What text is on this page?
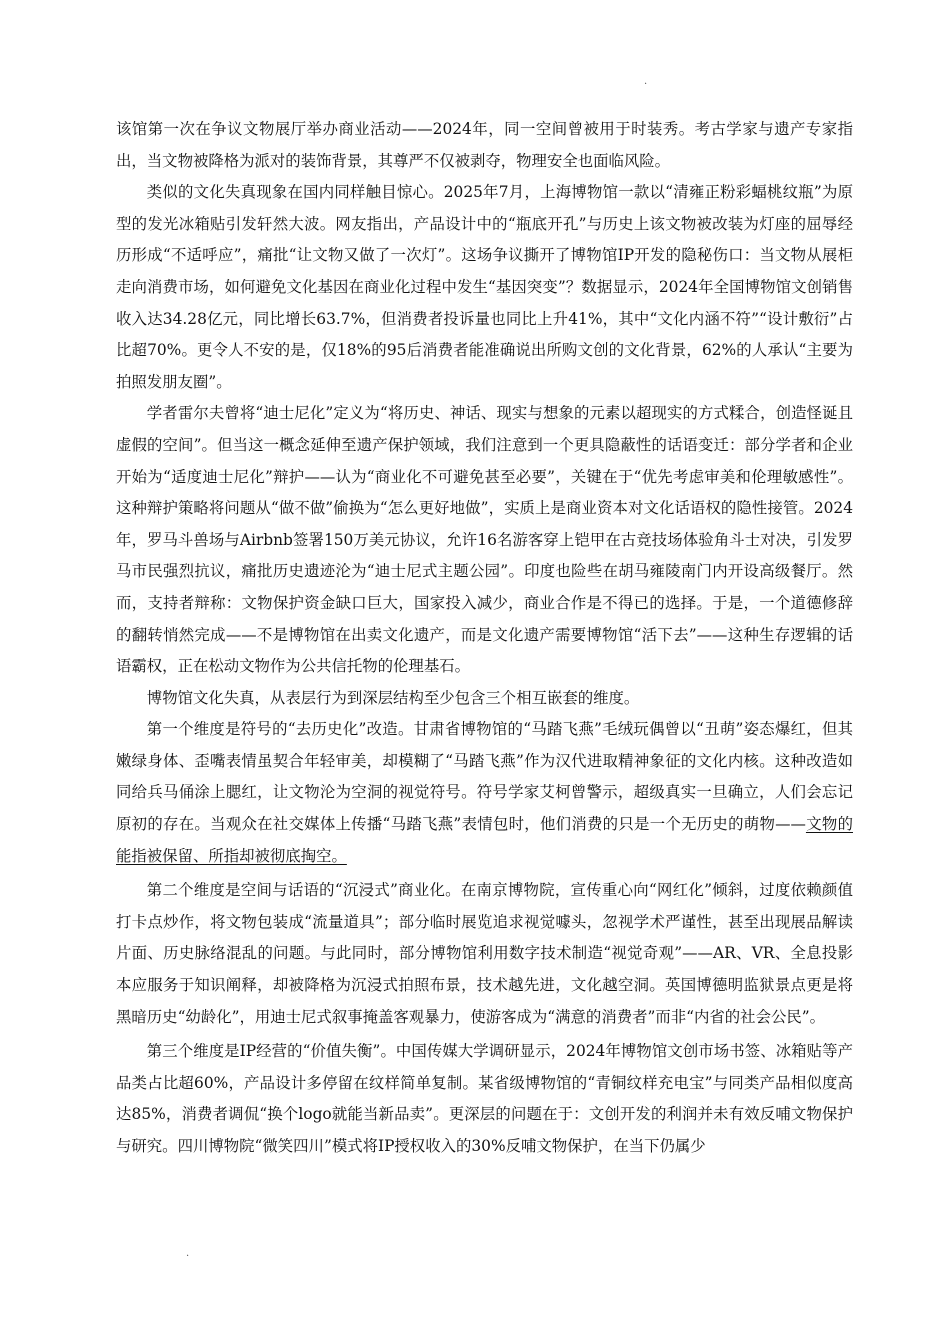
.

该馆第一次在争议文物展厅举办商业活动——2024年，同一空间曾被用于时装秀。考古学家与遗产专家指出，当文物被降格为派对的装饰背景，其尊严不仅被剥夺，物理安全也面临风险。

类似的文化失真现象在国内同样触目惊心。2025年7月，上海博物馆一款以“清雍正粉彩蝠桃纹瓶”为原型的发光冰箱贴引发轩然大波。网友指出，产品设计中的“瓶底开孔”与历史上该文物被改装为灯座的屈辱经历形成“不适呼应”，痛批“让文物又做了一次灯”。这场争议撕开了博物馆IP开发的隐秘伤口：当文物从展柜走向消费市场，如何避免文化基因在商业化过程中发生“基因突变”？数据显示，2024年全国博物馆文创销售收入达34.28亿元，同比增长63.7%，但消费者投诉量也同比上升41%，其中“文化内涵不符”“设计敷衍”占比超70%。更令人不安的是，仅18%的95后消费者能准确说出所购文创的文化背景，62%的人承认“主要为拍照发朋友圈”。

学者雷尔夫曾将“迪士尼化”定义为“将历史、神话、现实与想象的元素以超现实的方式糅合，创造怪诞且虚假的空间”。但当这一概念延伸至遗产保护领域，我们注意到一个更具隐蔽性的话语变迁：部分学者和企业开始为“适度迪士尼化”辩护——认为“商业化不可避免甚至必要”，关键在于“优先考虑审美和伦理敏感性”。这种辩护策略将问题从“做不做”偷换为“怎么更好地做”，实质上是商业资本对文化话语权的隐性接管。2024年，罗马斗兽场与Airbnb签署150万美元协议，允许16名游客穿上铠甲在古竞技场体验角斗士对决，引发罗马市民强烈抗议，痛批历史遗迹沦为“迪士尼式主题公园”。印度也险些在胡马雍陵南门内开设高级餐厅。然而，支持者辩称：文物保护资金缺口巨大，国家投入减少，商业合作是不得已的选择。于是，一个道德修辞的翻转悄然完成——不是博物馆在出卖文化遗产，而是文化遗产需要博物馆“活下去”——这种生存逻辑的话语霸权，正在松动文物作为公共信托物的伦理基石。

博物馆文化失真，从表层行为到深层结构至少包含三个相互嵌套的维度。

第一个维度是符号的“去历史化”改造。甘肃省博物馆的“马踏飞燕”毛绒玩偶曾以“丑萌”姿态爆红，但其嫩绿身体、歪嘴表情虽契合年轻审美，却模糊了“马踏飞燕”作为汉代进取精神象征的文化内核。这种改造如同给兵马俑涂上腮红，让文物沦为空洞的视觉符号。符号学家艾柯曾警示，超级真实一旦确立，人们会忘记原初的存在。当观众在社交媒体上传播“马踏飞燕”表情包时，他们消费的只是一个无历史的萌物——文物的能指被保留、所指却被彻底掏空。

第二个维度是空间与话语的“沉浸式”商业化。在南京博物院，宣传重心向“网红化”倾斜，过度依赖颜值打卡点炒作，将文物包装成“流量道具”；部分临时展览追求视觉噱头，忽视学术严谨性，甚至出现展品解读片面、历史脉络混乱的问题。与此同时，部分博物馆利用数字技术制造“视觉奇观”——AR、VR、全息投影本应服务于知识阐释，却被降格为沉浸式拍照布景，技术越先进，文化越空洞。英国博德明监狱景点更是将黑暗历史“幼龄化”，用迪士尼式叙事掩盖客观暴力，使游客成为“满意的消费者”而非“内省的社会公民”。

第三个维度是IP经营的“价值失衡”。中国传媒大学调研显示，2024年博物馆文创市场书签、冰箱贴等产品类占比超60%，产品设计多停留在纹样简单复制。某省级博物馆的“青铜纹样充电宝”与同类产品相似度高达85%，消费者调侃“换个logo就能当新品卖”。更深层的问题在于：文创开发的利润并未有效反哺文物保护与研究。四川博物院“微笑四川”模式将IP授权收入的30%反哺文物保护，在当下仍属少

.
